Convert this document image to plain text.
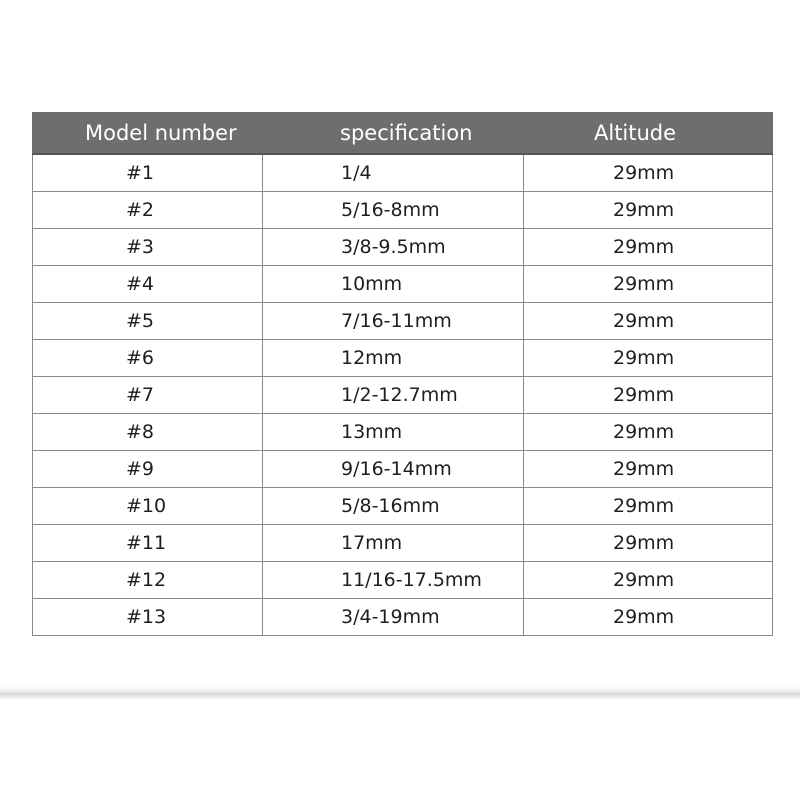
Model number	specification	Altitude
#1	1/4	29mm
#2	5/16-8mm	29mm
#3	3/8-9.5mm	29mm
#4	10mm	29mm
#5	7/16-11mm	29mm
#6	12mm	29mm
#7	1/2-12.7mm	29mm
#8	13mm	29mm
#9	9/16-14mm	29mm
#10	5/8-16mm	29mm
#11	17mm	29mm
#12	11/16-17.5mm	29mm
#13	3/4-19mm	29mm
